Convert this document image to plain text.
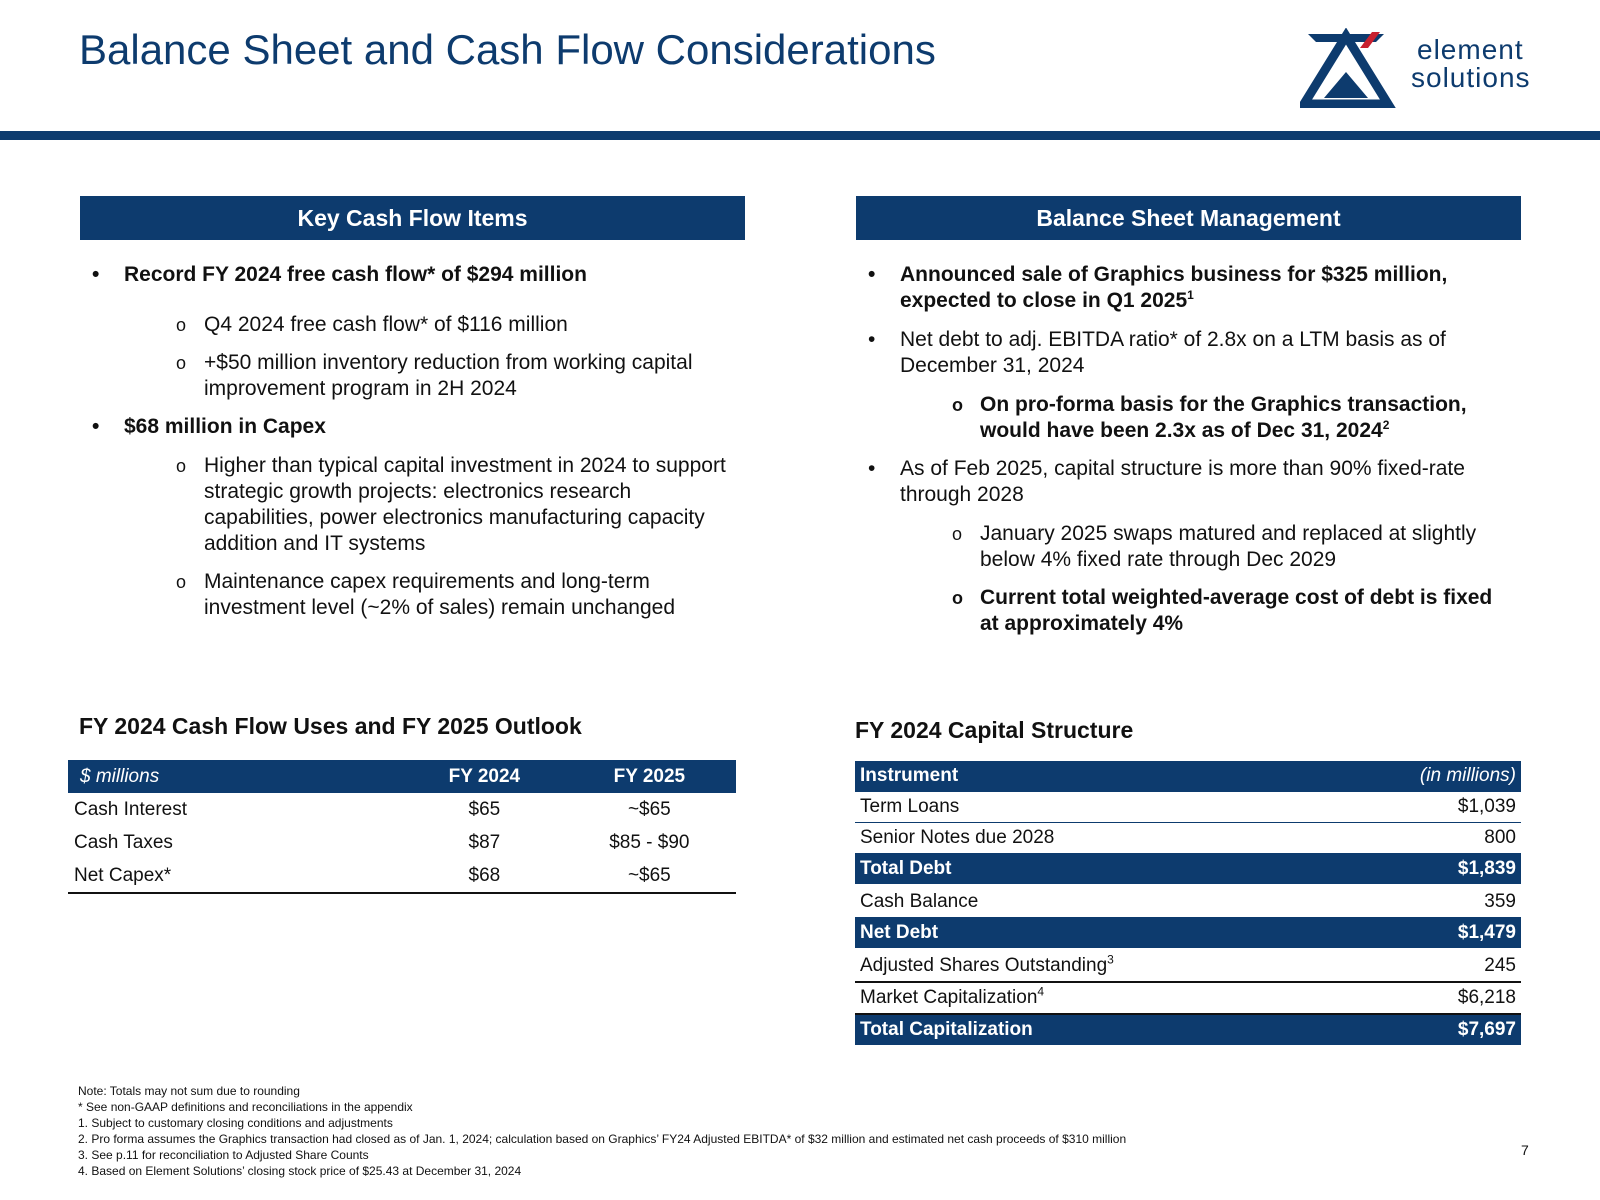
Balance Sheet and Cash Flow Considerations	element
solutions
Key Cash Flow Items

• Record FY 2024 free cash flow* of $294 million

o Q4 2024 free cash flow* of $116 million

o +$50 million inventory reduction from working capital improvement program in 2H 2024

• $68 million in Capex

o Higher than typical capital investment in 2024 to support strategic growth projects: electronics research capabilities, power electronics manufacturing capacity addition and IT systems

o Maintenance capex requirements and long-term investment level (~2% of sales) remain unchanged

Balance Sheet Management

• Announced sale of Graphics business for $325 million, expected to close in Q1 2025$^1$

• Net debt to adj. EBITDA ratio* of 2.8x on a LTM basis as of December 31, 2024

o On pro-forma basis for the Graphics transaction, would have been 2.3x as of Dec 31, 2024$^2$

• As of Feb 2025, capital structure is more than 90% fixed-rate through 2028

o January 2025 swaps matured and replaced at slightly below 4% fixed rate through Dec 2029

o Current total weighted-average cost of debt is fixed at approximately 4%

FY 2024 Cash Flow Uses and FY 2025 Outlook
$ millions	FY 2024	FY 2025
Cash Interest	$65	~$65
Cash Taxes	$87	$85 - $90
Net Capex*	$68	~$65
FY 2024 Capital Structure
Instrument	(in millions)
Term Loans	$1,039
Senior Notes due 2028	800
Total Debt	$1,839
Cash Balance	359
Net Debt	$1,479
Adjusted Shares Outstanding$^3$	245
Market Capitalization$^4$	$6,218
Total Capitalization	$7,697

Note: Totals may not sum due to rounding

* See non-GAAP definitions and reconciliations in the appendix

1. Subject to customary closing conditions and adjustments

2. Pro forma assumes the Graphics transaction had closed as of Jan. 1, 2024; calculation based on Graphics’ FY24 Adjusted EBITDA* of $32 million and estimated net cash proceeds of $310 million

3. See p.11 for reconciliation to Adjusted Share Counts

4. Based on Element Solutions’ closing stock price of $25.43 at December 31, 2024

7
